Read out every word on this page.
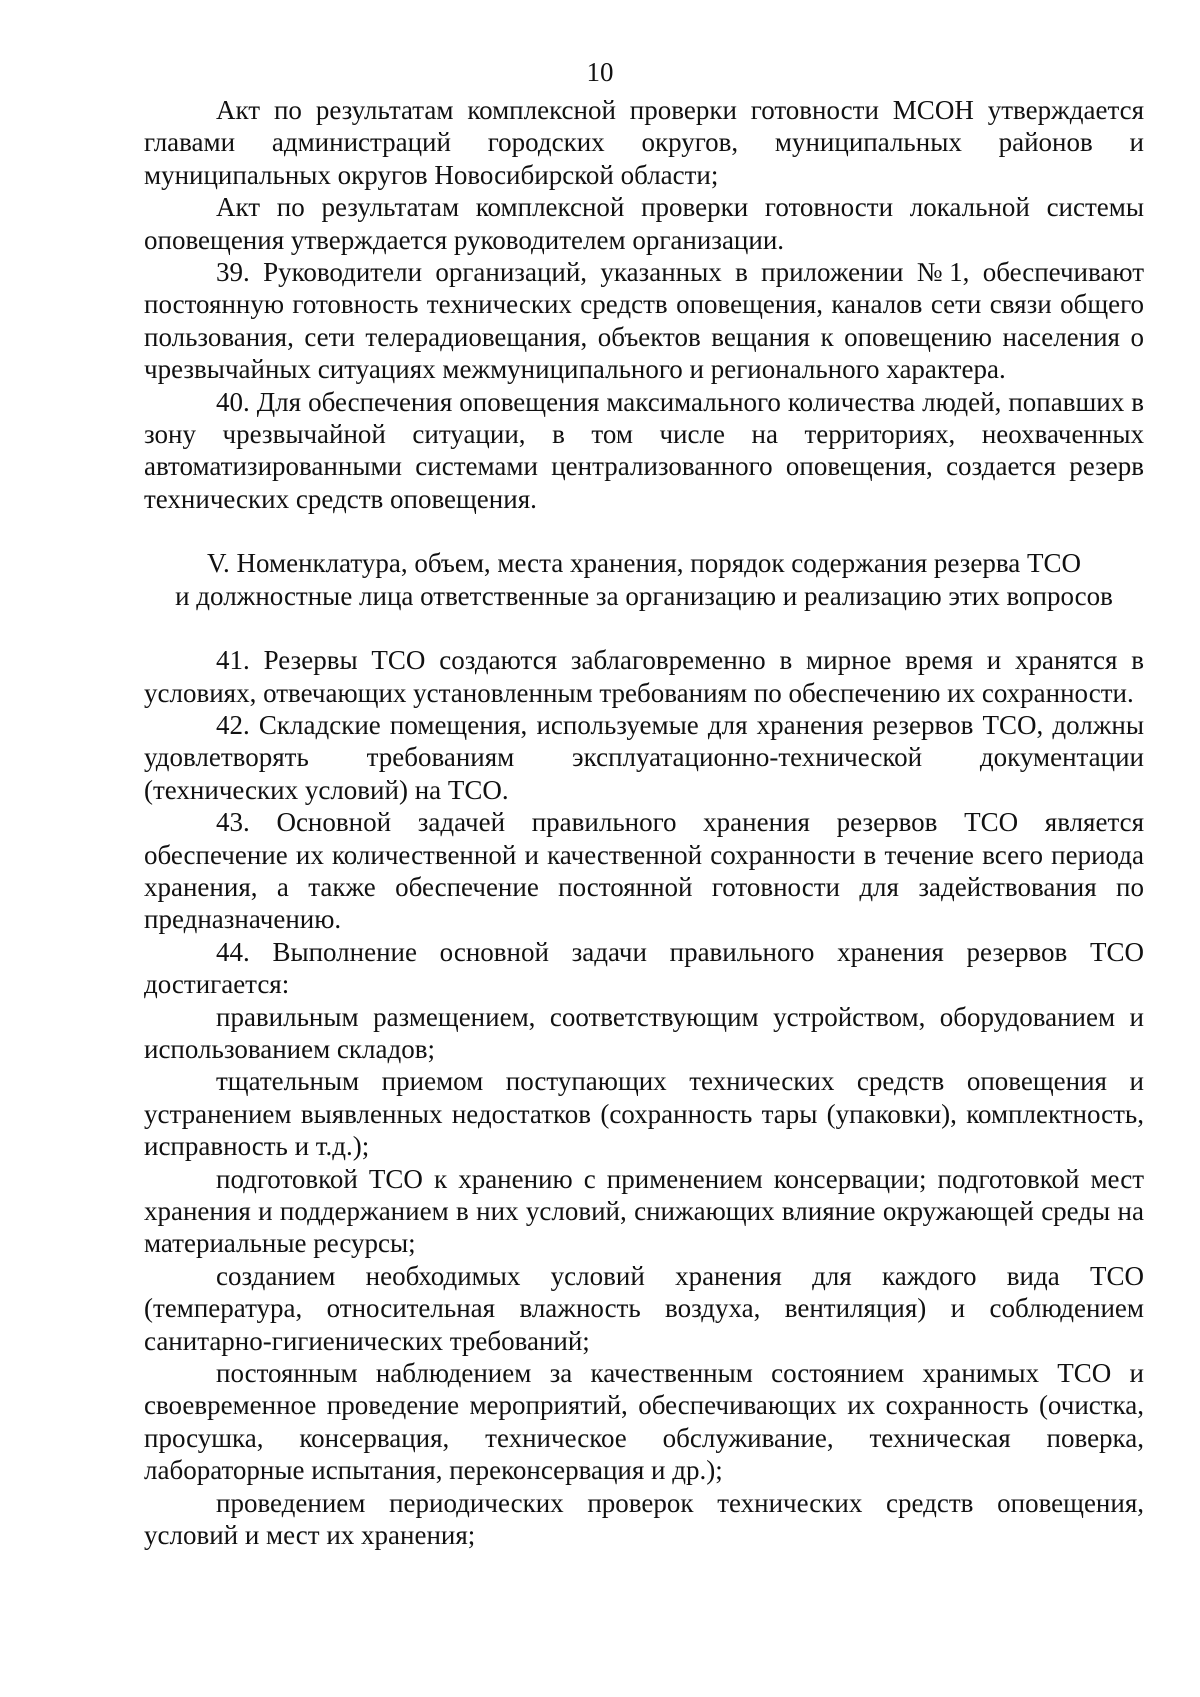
10

Акт по результатам комплексной проверки готовности МСОН утверждается главами администраций городских округов, муниципальных районов и муниципальных округов Новосибирской области;

Акт по результатам комплексной проверки готовности локальной системы оповещения утверждается руководителем организации.

39. Руководители организаций, указанных в приложении №1, обеспечивают постоянную готовность технических средств оповещения, каналов сети связи общего пользования, сети телерадиовещания, объектов вещания к оповещению населения о чрезвычайных ситуациях межмуниципального и регионального характера.

40. Для обеспечения оповещения максимального количества людей, попавших в зону чрезвычайной ситуации, в том числе на территориях, неохваченных автоматизированными системами централизованного оповещения, создается резерв технических средств оповещения.

V. Номенклатура, объем, места хранения, порядок содержания резерва ТСО
и должностные лица ответственные за организацию и реализацию этих вопросов

41. Резервы ТСО создаются заблаговременно в мирное время и хранятся в условиях, отвечающих установленным требованиям по обеспечению их сохранности.

42. Складские помещения, используемые для хранения резервов ТСО, должны удовлетворять требованиям эксплуатационно-технической документации (технических условий) на ТСО.

43. Основной задачей правильного хранения резервов ТСО является обеспечение их количественной и качественной сохранности в течение всего периода хранения, а также обеспечение постоянной готовности для задействования по предназначению.

44. Выполнение основной задачи правильного хранения резервов ТСО достигается:

правильным размещением, соответствующим устройством, оборудованием и использованием складов;

тщательным приемом поступающих технических средств оповещения и устранением выявленных недостатков (сохранность тары (упаковки), комплектность, исправность и т.д.);

подготовкой ТСО к хранению с применением консервации; подготовкой мест хранения и поддержанием в них условий, снижающих влияние окружающей среды на материальные ресурсы;

созданием необходимых условий хранения для каждого вида ТСО (температура, относительная влажность воздуха, вентиляция) и соблюдением санитарно-гигиенических требований;

постоянным наблюдением за качественным состоянием хранимых ТСО и своевременное проведение мероприятий, обеспечивающих их сохранность (очистка, просушка, консервация, техническое обслуживание, техническая поверка, лабораторные испытания, переконсервация и др.);

проведением периодических проверок технических средств оповещения, условий и мест их хранения;
